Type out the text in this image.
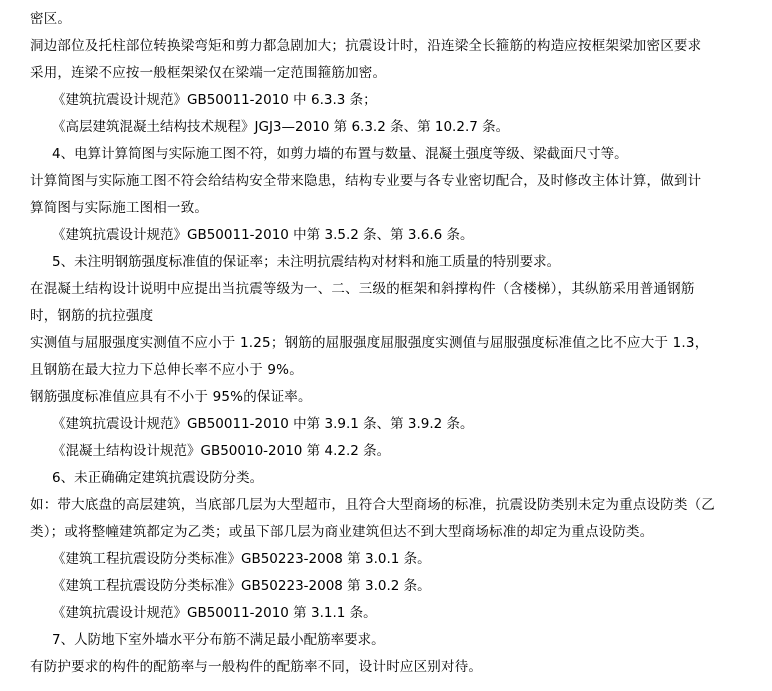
密区。
洞边部位及托柱部位转换梁弯矩和剪力都急剧加大；抗震设计时，沿连梁全长箍筋的构造应按框架梁加密区要求
采用，连梁不应按一般框架梁仅在梁端一定范围箍筋加密。
《建筑抗震设计规范》GB50011-2010 中 6.3.3 条；
《高层建筑混凝土结构技术规程》JGJ3—2010 第 6.3.2 条、第 10.2.7 条。
4、电算计算简图与实际施工图不符，如剪力墙的布置与数量、混凝土强度等级、梁截面尺寸等。
计算简图与实际施工图不符会给结构安全带来隐患，结构专业要与各专业密切配合，及时修改主体计算，做到计
算简图与实际施工图相一致。
《建筑抗震设计规范》GB50011-2010 中第 3.5.2 条、第 3.6.6 条。
5、未注明钢筋强度标准值的保证率；未注明抗震结构对材料和施工质量的特别要求。
在混凝土结构设计说明中应提出当抗震等级为一、二、三级的框架和斜撑构件（含楼梯），其纵筋采用普通钢筋
时，钢筋的抗拉强度
实测值与屈服强度实测值不应小于 1.25；钢筋的屈服强度屈服强度实测值与屈服强度标准值之比不应大于 1.3，
且钢筋在最大拉力下总伸长率不应小于 9%。
钢筋强度标准值应具有不小于 95%的保证率。
《建筑抗震设计规范》GB50011-2010 中第 3.9.1 条、第 3.9.2 条。
《混凝土结构设计规范》GB50010-2010 第 4.2.2 条。
6、未正确确定建筑抗震设防分类。
如：带大底盘的高层建筑，当底部几层为大型超市，且符合大型商场的标准，抗震设防类别未定为重点设防类（乙
类）；或将整幢建筑都定为乙类；或虽下部几层为商业建筑但达不到大型商场标准的却定为重点设防类。
《建筑工程抗震设防分类标准》GB50223-2008 第 3.0.1 条。
《建筑工程抗震设防分类标准》GB50223-2008 第 3.0.2 条。
《建筑抗震设计规范》GB50011-2010 第 3.1.1 条。
7、人防地下室外墙水平分布筋不满足最小配筋率要求。
有防护要求的构件的配筋率与一般构件的配筋率不同，设计时应区别对待。
